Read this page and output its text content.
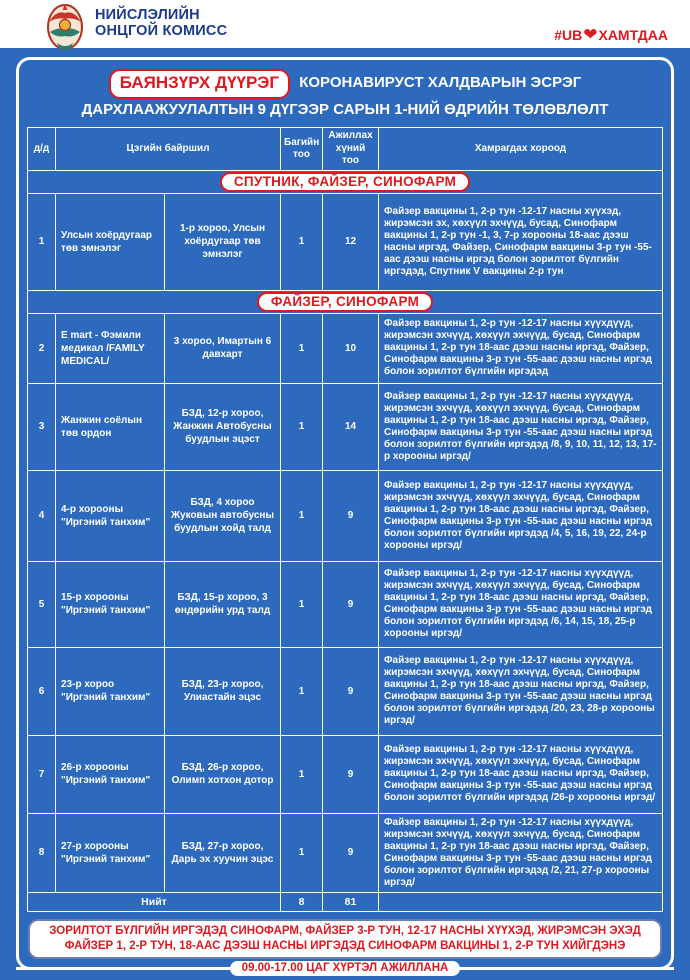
НИЙСЛЭЛИЙН
ОНЦГОЙ КОМИСС	#UB ❤ ХАМТДАА
БАЯНЗҮРХ ДҮҮРЭГ КОРОНАВИРУСТ ХАЛДВАРЫН ЭСРЭГ
ДАРХЛААЖУУЛАЛТЫН 9 ДҮГЭЭР САРЫН 1-НИЙ ӨДРИЙН ТӨЛӨВЛӨЛТ
д/д	Цэгийн байршил		Багийн тоо	Ажиллах хүний тоо	Хамрагдах хороод
СПУТНИК, ФАЙЗЕР, СИНОФАРМ					
1	Улсын хоёрдугаар төв эмнэлэг	1-р хороо, Улсын хоёрдугаар төв эмнэлэг	1	12	Файзер вакцины 1, 2-р тун -12-17 насны хүүхэд, жирэмсэн эх, хөхүүл эхчүүд, бусад, Синофарм вакцины 1, 2-р тун -1, 3, 7-р хорооны 18-аас дээш насны иргэд, Файзер, Синофарм вакцины 3-р тун -55-аас дээш насны иргэд болон зорилтот бүлгийн иргэдэд, Спутник V вакцины 2-р тун
ФАЙЗЕР, СИНОФАРМ					
2	E mart - Фэмили медикал /FAMILY MEDICAL/	3 хороо, Имартын 6 давхарт	1	10	Файзер вакцины 1, 2-р тун -12-17 насны хүүхдүүд, жирэмсэн эхчүүд, хөхүүл эхчүүд, бусад, Синофарм вакцины 1, 2-р тун 18-аас дээш насны иргэд, Файзер, Синофарм вакцины 3-р тун -55-аас дээш насны иргэд болон зорилтот бүлгийн иргэдэд
3	Жанжин соёлын төв ордон	БЗД, 12-р хороо, Жанжин Автобусны буудлын эцэст	1	14	Файзер вакцины 1, 2-р тун -12-17 насны хүүхдүүд, жирэмсэн эхчүүд, хөхүүл эхчүүд, бусад, Синофарм вакцины 1, 2-р тун 18-аас дээш насны иргэд, Файзер, Синофарм вакцины 3-р тун -55-аас дээш насны иргэд болон зорилтот бүлгийн иргэдэд /8, 9, 10, 11, 12, 13, 17-р хорооны иргэд/
4	4-р хорооны "Иргэний танхим"	БЗД, 4 хороо Жуковын автобусны буудлын хойд талд	1	9	Файзер вакцины 1, 2-р тун -12-17 насны хүүхдүүд, жирэмсэн эхчүүд, хөхүүл эхчүүд, бусад, Синофарм вакцины 1, 2-р тун 18-аас дээш насны иргэд, Файзер, Синофарм вакцины 3-р тун -55-аас дээш насны иргэд болон зорилтот бүлгийн иргэдэд /4, 5, 16, 19, 22, 24-р хорооны иргэд/
5	15-р хорооны "Иргэний танхим"	БЗД, 15-р хороо, 3 өндөрийн урд талд	1	9	Файзер вакцины 1, 2-р тун -12-17 насны хүүхдүүд, жирэмсэн эхчүүд, хөхүүл эхчүүд, бусад, Синофарм вакцины 1, 2-р тун 18-аас дээш насны иргэд, Файзер, Синофарм вакцины 3-р тун -55-аас дээш насны иргэд болон зорилтот бүлгийн иргэдэд /6, 14, 15, 18, 25-р хорооны иргэд/
6	23-р хороо "Иргэний танхим"	БЗД, 23-р хороо, Улиастайн эцэс	1	9	Файзер вакцины 1, 2-р тун -12-17 насны хүүхдүүд, жирэмсэн эхчүүд, хөхүүл эхчүүд, бусад, Синофарм вакцины 1, 2-р тун 18-аас дээш насны иргэд, Файзер, Синофарм вакцины 3-р тун -55-аас дээш насны иргэд болон зорилтот бүлгийн иргэдэд /20, 23, 28-р хорооны иргэд/
7	26-р хорооны "Иргэний танхим"	БЗД, 26-р хороо, Олимп хотхон дотор	1	9	Файзер вакцины 1, 2-р тун -12-17 насны хүүхдүүд, жирэмсэн эхчүүд, хөхүүл эхчүүд, бусад, Синофарм вакцины 1, 2-р тун 18-аас дээш насны иргэд, Файзер, Синофарм вакцины 3-р тун -55-аас дээш насны иргэд болон зорилтот бүлгийн иргэдэд /26-р хорооны иргэд/
8	27-р хорооны "Иргэний танхим"	БЗД, 27-р хороо, Дарь эх хуучин эцэс	1	9	Файзер вакцины 1, 2-р тун -12-17 насны хүүхдүүд, жирэмсэн эхчүүд, хөхүүл эхчүүд, бусад, Синофарм вакцины 1, 2-р тун 18-аас дээш насны иргэд, Файзер, Синофарм вакцины 3-р тун -55-аас дээш насны иргэд болон зорилтот бүлгийн иргэдэд /2, 21, 27-р хорооны иргэд/
Нийт			8	81	
ЗОРИЛТОТ БҮЛГИЙН ИРГЭДЭД СИНОФАРМ, ФАЙЗЕР 3-Р ТУН, 12-17 НАСНЫ ХҮҮХЭД, ЖИРЭМСЭН ЭХЭД ФАЙЗЕР 1, 2-Р ТУН, 18-ААС ДЭЭШ НАСНЫ ИРГЭДЭД СИНОФАРМ ВАКЦИНЫ 1, 2-Р ТУН ХИЙГДЭНЭ
09.00-17.00 ЦАГ ХҮРТЭЛ АЖИЛЛАНА
